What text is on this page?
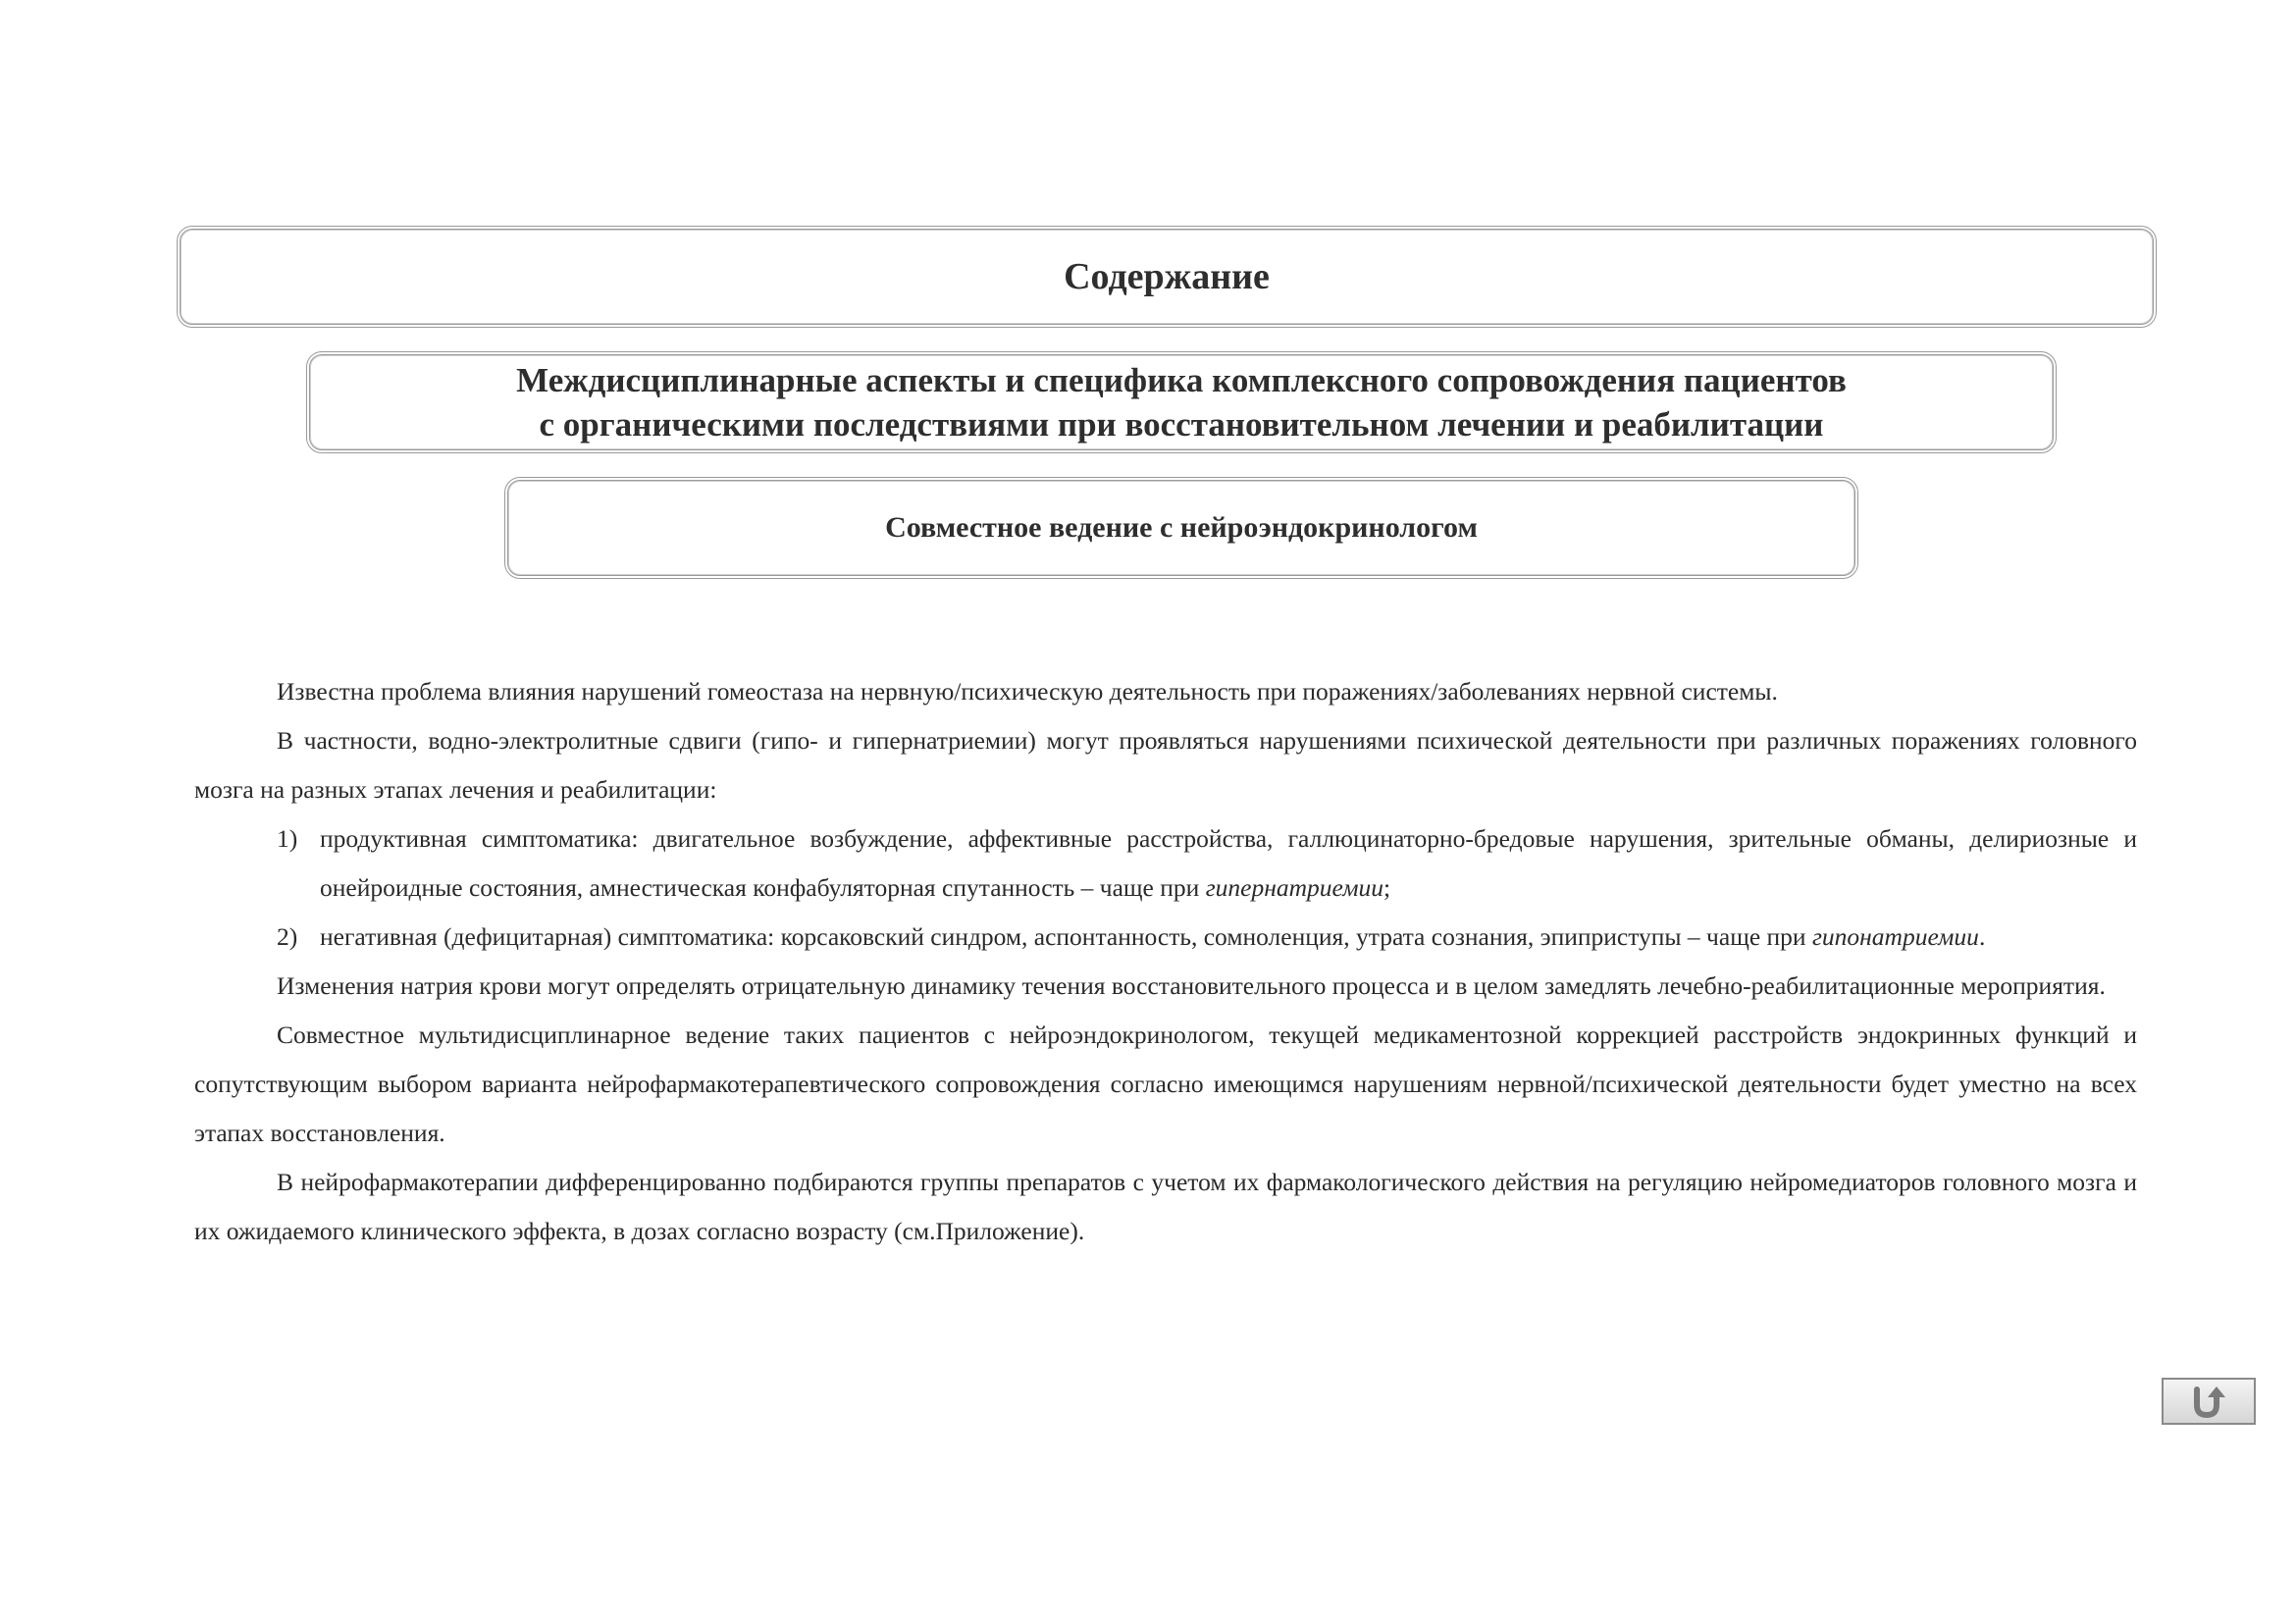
Содержание
Междисциплинарные аспекты и специфика комплексного сопровождения пациентов
с органическими последствиями при восстановительном лечении и реабилитации
Совместное ведение с нейроэндокринологом

Известна проблема влияния нарушений гомеостаза на нервную/психическую деятельность при поражениях/заболеваниях нервной системы.

В частности, водно-электролитные сдвиги (гипо- и гипернатриемии) могут проявляться нарушениями психической деятельности при различных поражениях головного мозга на разных этапах лечения и реабилитации:

1) продуктивная симптоматика: двигательное возбуждение, аффективные расстройства, галлюцинаторно-бредовые нарушения, зрительные обманы, делириозные и онейроидные состояния, амнестическая конфабуляторная спутанность – чаще при гипернатриемии;
2) негативная (дефицитарная) симптоматика: корсаковский синдром, аспонтанность, сомноленция, утрата сознания, эпиприступы – чаще при гипонатриемии.

Изменения натрия крови могут определять отрицательную динамику течения восстановительного процесса и в целом замедлять лечебно-реабилитационные мероприятия.

Совместное мультидисциплинарное ведение таких пациентов с нейроэндокринологом, текущей медикаментозной коррекцией расстройств эндокринных функций и сопутствующим выбором варианта нейрофармакотерапевтического сопровождения согласно имеющимся нарушениям нервной/психической деятельности будет уместно на всех этапах восстановления.

В нейрофармакотерапии дифференцированно подбираются группы препаратов с учетом их фармакологического действия на регуляцию нейромедиаторов головного мозга и их ожидаемого клинического эффекта, в дозах согласно возрасту (см.Приложение).
